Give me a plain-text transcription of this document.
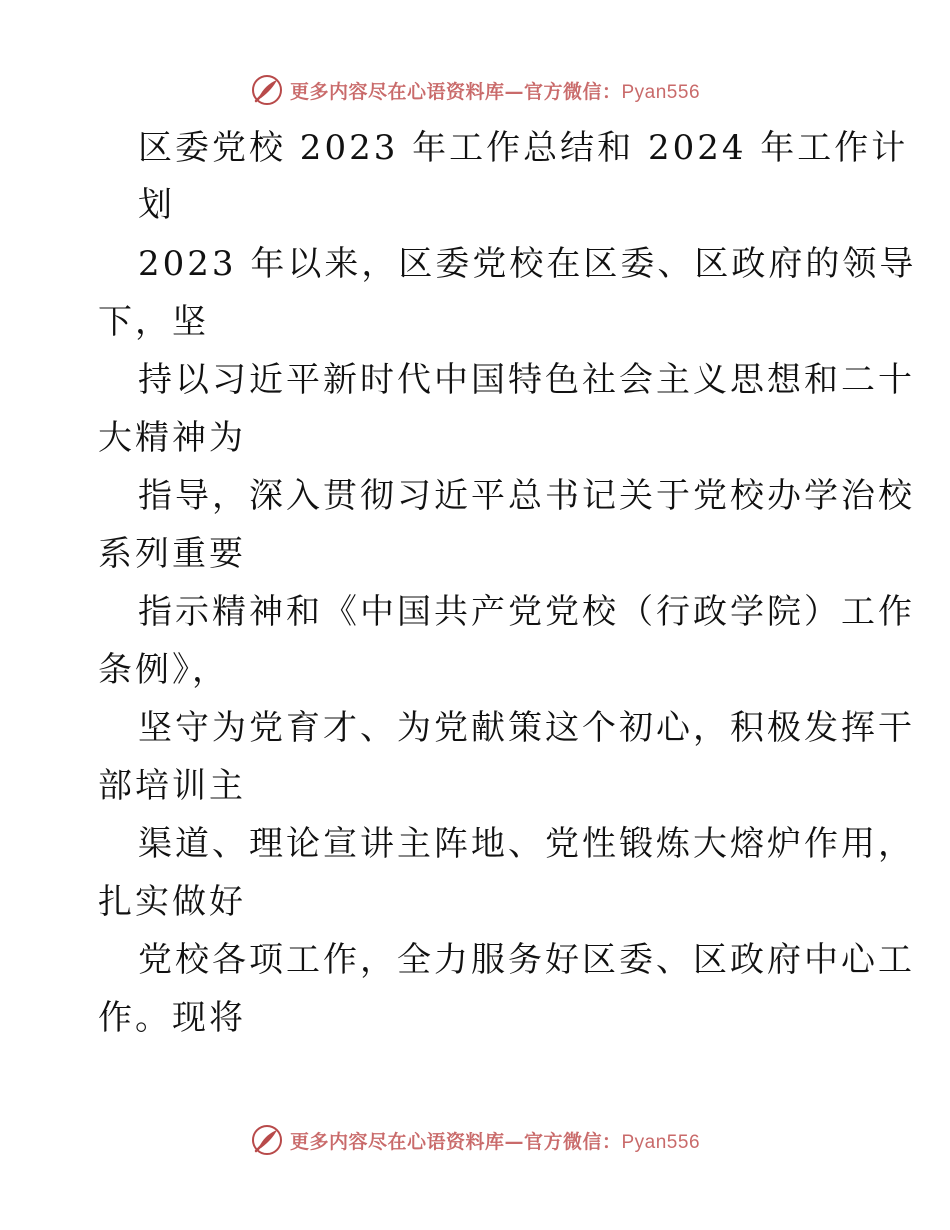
更多内容尽在心语资料库—官方微信：Pyan556
区委党校 2023 年工作总结和 2024 年工作计
划
2023 年以来，区委党校在区委、区政府的领导
下，坚
持以习近平新时代中国特色社会主义思想和二十
大精神为
指导，深入贯彻习近平总书记关于党校办学治校
系列重要
指示精神和《中国共产党党校（行政学院）工作
条例》，
坚守为党育才、为党献策这个初心，积极发挥干
部培训主
渠道、理论宣讲主阵地、党性锻炼大熔炉作用，
扎实做好
党校各项工作，全力服务好区委、区政府中心工
作。现将
更多内容尽在心语资料库—官方微信：Pyan556
